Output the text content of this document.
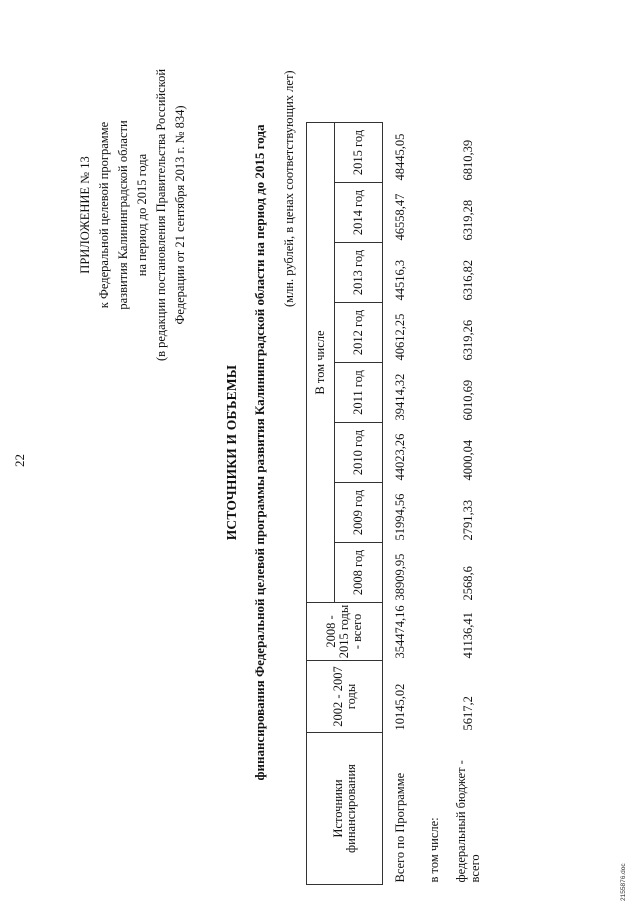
22
ПРИЛОЖЕНИЕ № 13 к Федеральной целевой программе развития Калининградской области на период до 2015 года (в редакции постановления Правительства Российской Федерации от 21 сентября 2013 г. № 834)
ИСТОЧНИКИ И ОБЪЕМЫ финансирования Федеральной целевой программы развития Калининградской области на период до 2015 года (млн. рублей, в ценах соответствующих лет)
Источники финансирования	2002 - 2007 годы	2008 - 2015 годы - всего	В том числе							
			2008 год	2009 год	2010 год	2011 год	2012 год	2013 год	2014 год	2015 год
Всего по Программе	10145,02	354474,16	38909,95	51994,56	44023,26	39414,32	40612,25	44516,3	46558,47	48445,05
в том числе:										
федеральный бюджет - всего	5617,2	41136,41	2568,6	2791,33	4000,04	6010,69	6319,26	6316,82	6319,28	6810,39
2155876.doc
